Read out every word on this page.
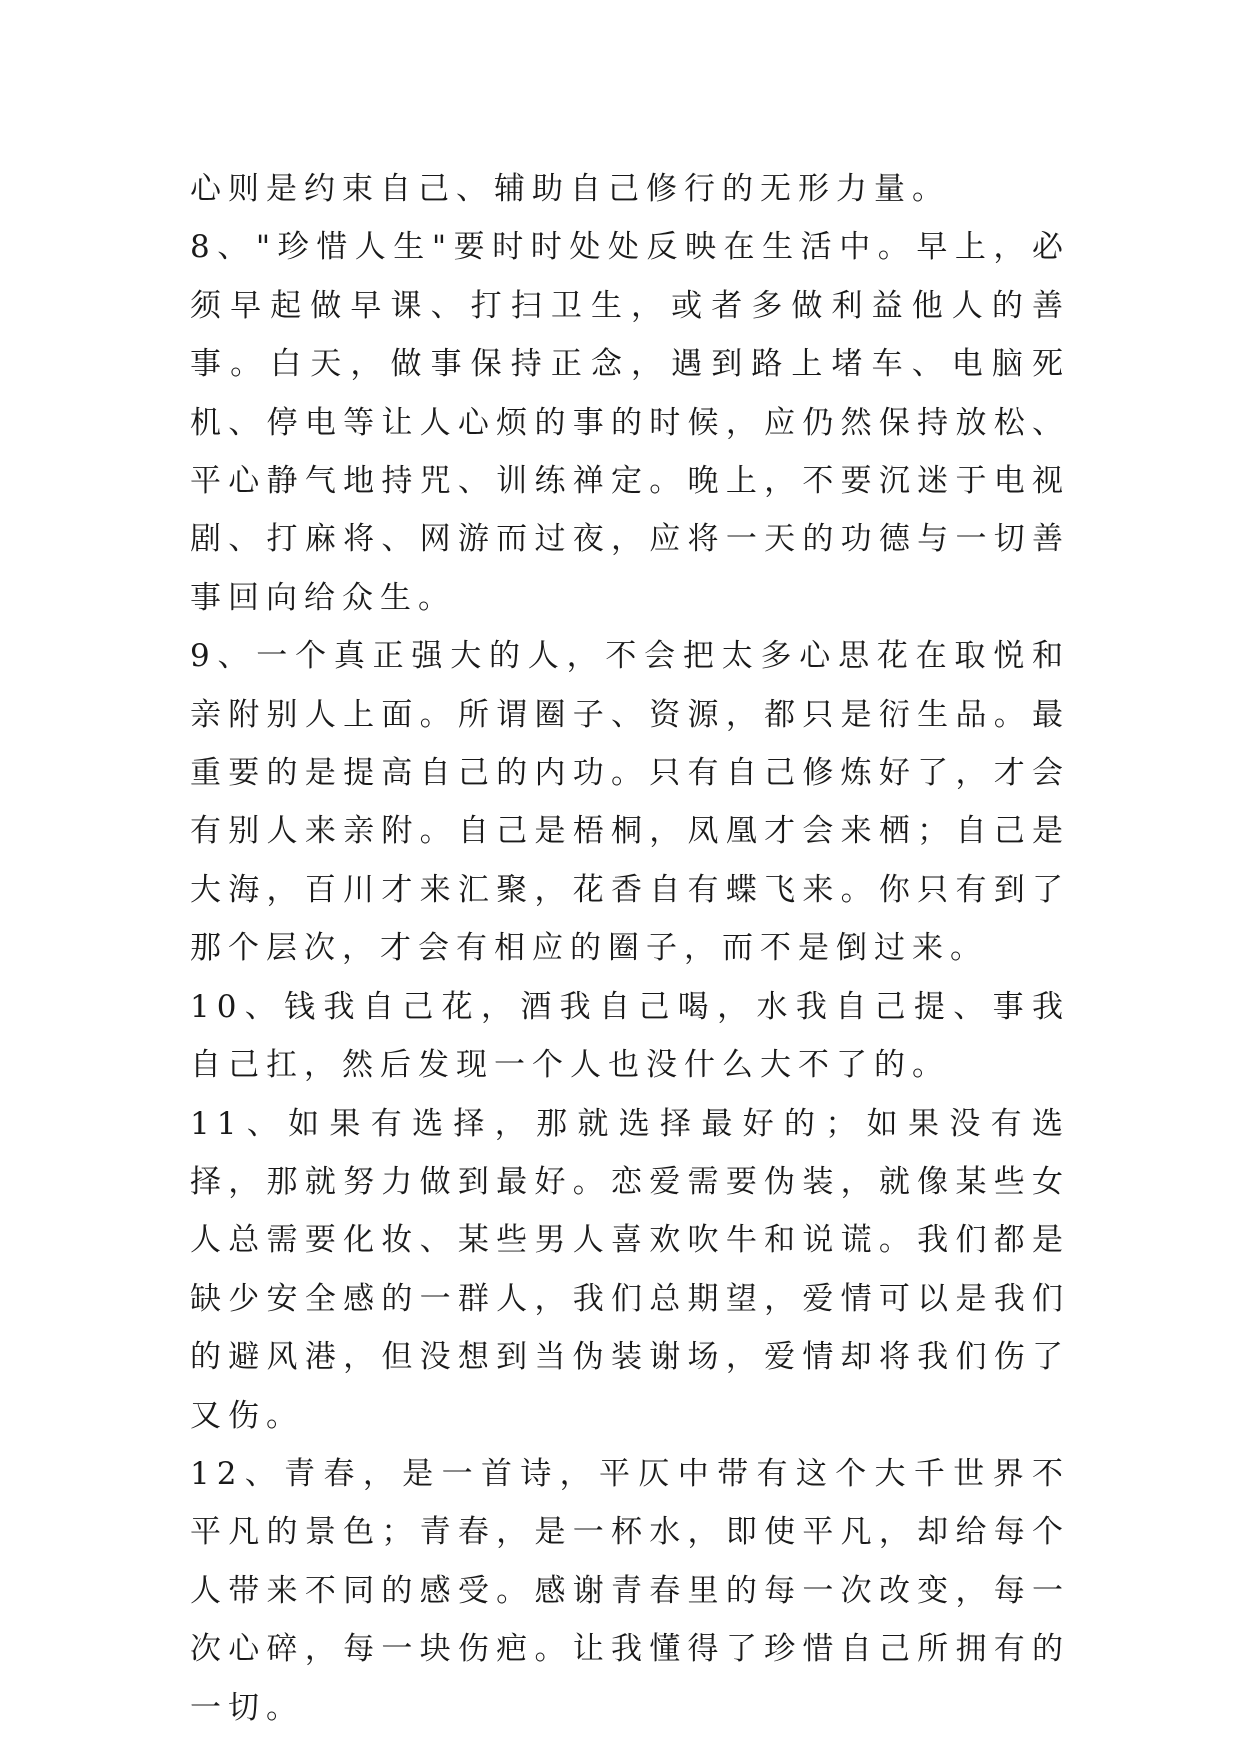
心则是约束自己、辅助自己修行的无形力量。

8、"珍惜人生"要时时处处反映在生活中。早上，必须早起做早课、打扫卫生，或者多做利益他人的善事。白天，做事保持正念，遇到路上堵车、电脑死机、停电等让人心烦的事的时候，应仍然保持放松、平心静气地持咒、训练禅定。晚上，不要沉迷于电视剧、打麻将、网游而过夜，应将一天的功德与一切善事回向给众生。

9、一个真正强大的人，不会把太多心思花在取悦和亲附别人上面。所谓圈子、资源，都只是衍生品。最重要的是提高自己的内功。只有自己修炼好了，才会有别人来亲附。自己是梧桐，凤凰才会来栖；自己是大海，百川才来汇聚，花香自有蝶飞来。你只有到了那个层次，才会有相应的圈子，而不是倒过来。

10、钱我自己花，酒我自己喝，水我自己提、事我自己扛，然后发现一个人也没什么大不了的。

11、如果有选择，那就选择最好的；如果没有选择，那就努力做到最好。恋爱需要伪装，就像某些女人总需要化妆、某些男人喜欢吹牛和说谎。我们都是缺少安全感的一群人，我们总期望，爱情可以是我们的避风港，但没想到当伪装谢场，爱情却将我们伤了又伤。

12、青春，是一首诗，平仄中带有这个大千世界不平凡的景色；青春，是一杯水，即使平凡，却给每个人带来不同的感受。感谢青春里的每一次改变，每一次心碎，每一块伤疤。让我懂得了珍惜自己所拥有的一切。
